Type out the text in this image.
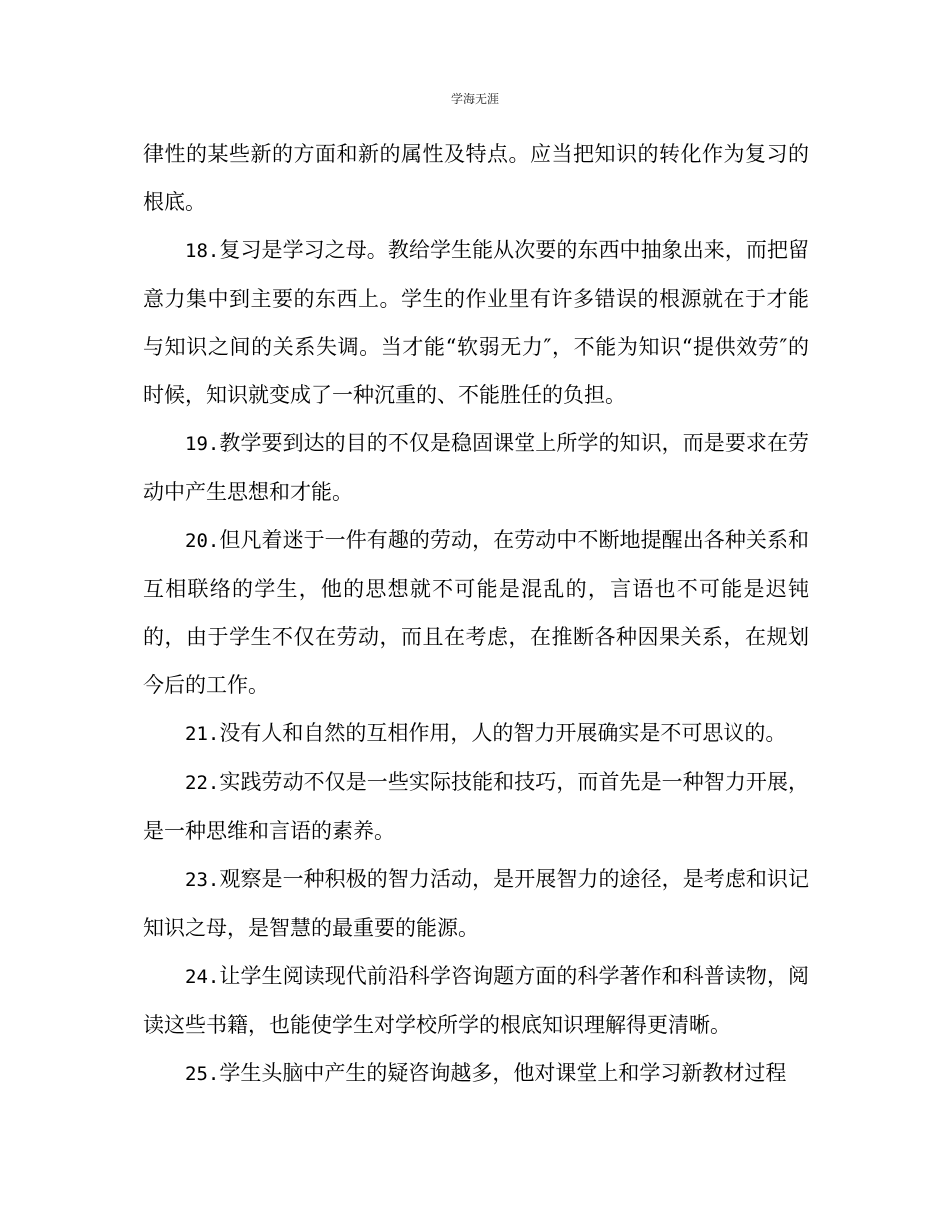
学海无涯

律性的某些新的方面和新的属性及特点。应当把知识的转化作为复习的根底。

18.复习是学习之母。教给学生能从次要的东西中抽象出来，而把留意力集中到主要的东西上。学生的作业里有许多错误的根源就在于才能与知识之间的关系失调。当才能“软弱无力″，不能为知识“提供效劳″的时候，知识就变成了一种沉重的、不能胜任的负担。

19.教学要到达的目的不仅是稳固课堂上所学的知识，而是要求在劳动中产生思想和才能。

20.但凡着迷于一件有趣的劳动，在劳动中不断地提醒出各种关系和互相联络的学生，他的思想就不可能是混乱的，言语也不可能是迟钝的，由于学生不仅在劳动，而且在考虑，在推断各种因果关系，在规划今后的工作。

21.没有人和自然的互相作用，人的智力开展确实是不可思议的。

22.实践劳动不仅是一些实际技能和技巧，而首先是一种智力开展，是一种思维和言语的素养。

23.观察是一种积极的智力活动，是开展智力的途径，是考虑和识记知识之母，是智慧的最重要的能源。

24.让学生阅读现代前沿科学咨询题方面的科学著作和科普读物，阅读这些书籍，也能使学生对学校所学的根底知识理解得更清晰。

25.学生头脑中产生的疑咨询越多，他对课堂上和学习新教材过程
